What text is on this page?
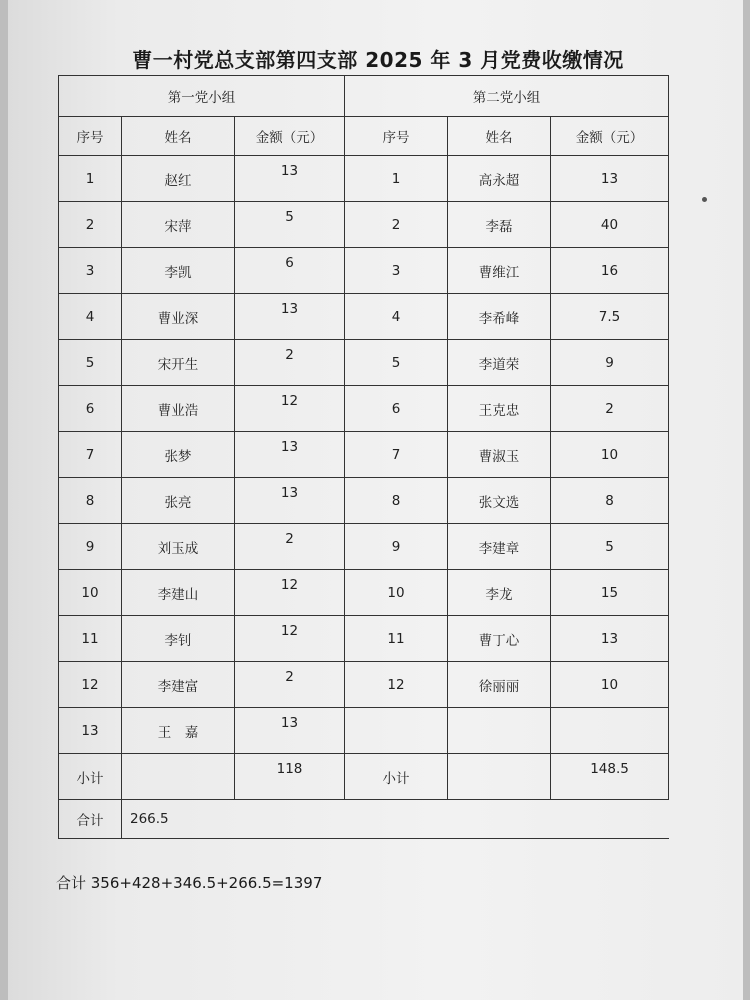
曹一村党总支部第四支部 2025 年 3 月党费收缴情况
第一党小组			第二党小组		
序号	姓名	金额（元）	序号	姓名	金额（元）
1	赵红	13	1	高永超	13
2	宋萍	5	2	李磊	40
3	李凯	6	3	曹维江	16
4	曹业深	13	4	李希峰	7.5
5	宋开生	2	5	李道荣	9
6	曹业浩	12	6	王克忠	2
7	张梦	13	7	曹淑玉	10
8	张亮	13	8	张文选	8
9	刘玉成	2	9	李建章	5
10	李建山	12	10	李龙	15
11	李钊	12	11	曹丁心	13
12	李建富	2	12	徐丽丽	10
13	王　嘉	13			
小计		118	小计		148.5
合计	266.5				
合计 356+428+346.5+266.5=1397
